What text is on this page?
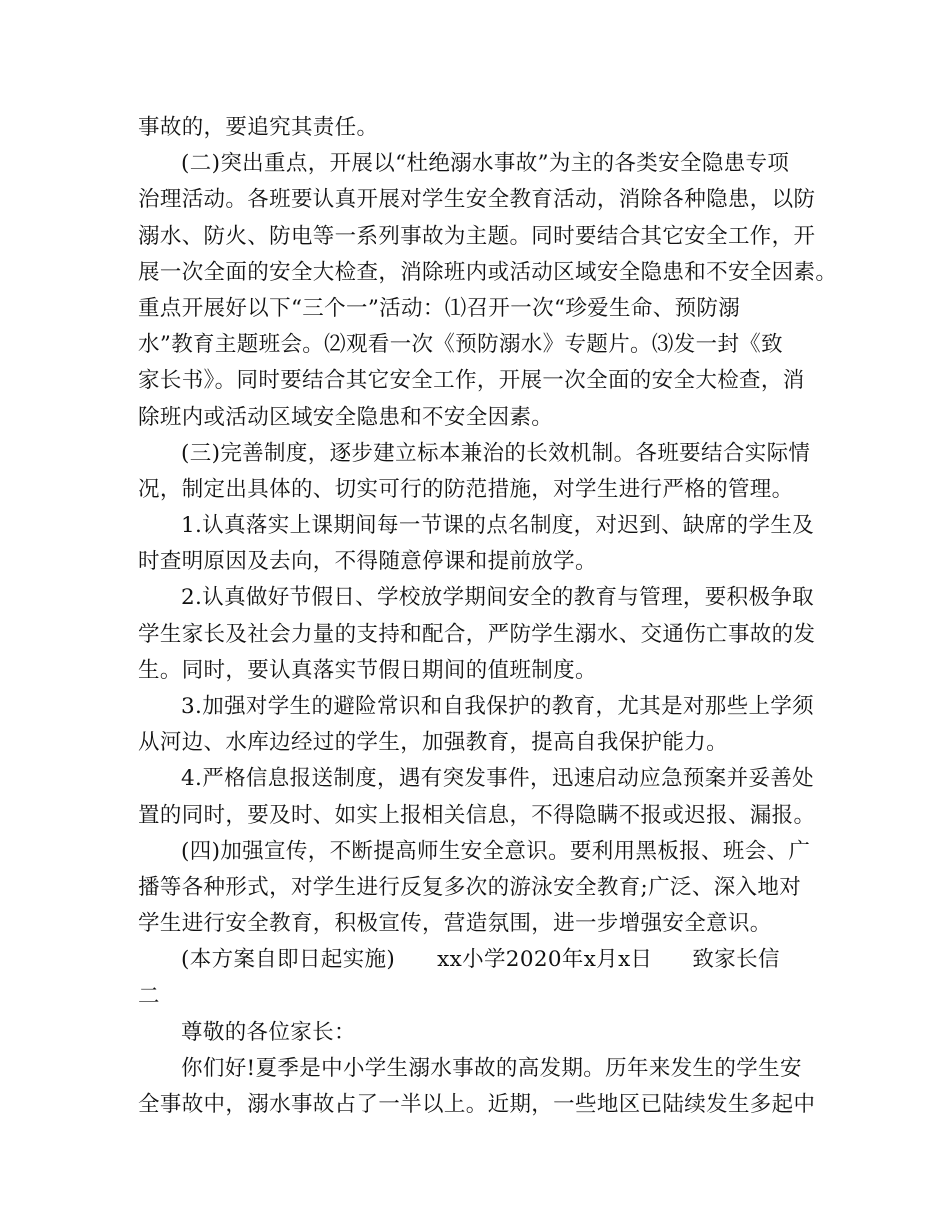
事故的，要追究其责任。
(二)突出重点，开展以“杜绝溺水事故”为主的各类安全隐患专项
治理活动。各班要认真开展对学生安全教育活动，消除各种隐患，以防
溺水、防火、防电等一系列事故为主题。同时要结合其它安全工作，开
展一次全面的安全大检查，消除班内或活动区域安全隐患和不安全因素。
重点开展好以下“三个一”活动：⑴召开一次“珍爱生命、预防溺
水”教育主题班会。⑵观看一次《预防溺水》专题片。⑶发一封《致
家长书》。同时要结合其它安全工作，开展一次全面的安全大检查，消
除班内或活动区域安全隐患和不安全因素。
(三)完善制度，逐步建立标本兼治的长效机制。各班要结合实际情
况，制定出具体的、切实可行的防范措施，对学生进行严格的管理。
1.认真落实上课期间每一节课的点名制度，对迟到、缺席的学生及
时查明原因及去向，不得随意停课和提前放学。
2.认真做好节假日、学校放学期间安全的教育与管理，要积极争取
学生家长及社会力量的支持和配合，严防学生溺水、交通伤亡事故的发
生。同时，要认真落实节假日期间的值班制度。
3.加强对学生的避险常识和自我保护的教育，尤其是对那些上学须
从河边、水库边经过的学生，加强教育，提高自我保护能力。
4.严格信息报送制度，遇有突发事件，迅速启动应急预案并妥善处
置的同时，要及时、如实上报相关信息，不得隐瞒不报或迟报、漏报。
(四)加强宣传，不断提高师生安全意识。要利用黑板报、班会、广
播等各种形式，对学生进行反复多次的游泳安全教育;广泛、深入地对
学生进行安全教育，积极宣传，营造氛围，进一步增强安全意识。
(本方案自即日起实施) xx小学2020年x月x日 致家长信
二
尊敬的各位家长：
你们好!夏季是中小学生溺水事故的高发期。历年来发生的学生安
全事故中，溺水事故占了一半以上。近期，一些地区已陆续发生多起中
